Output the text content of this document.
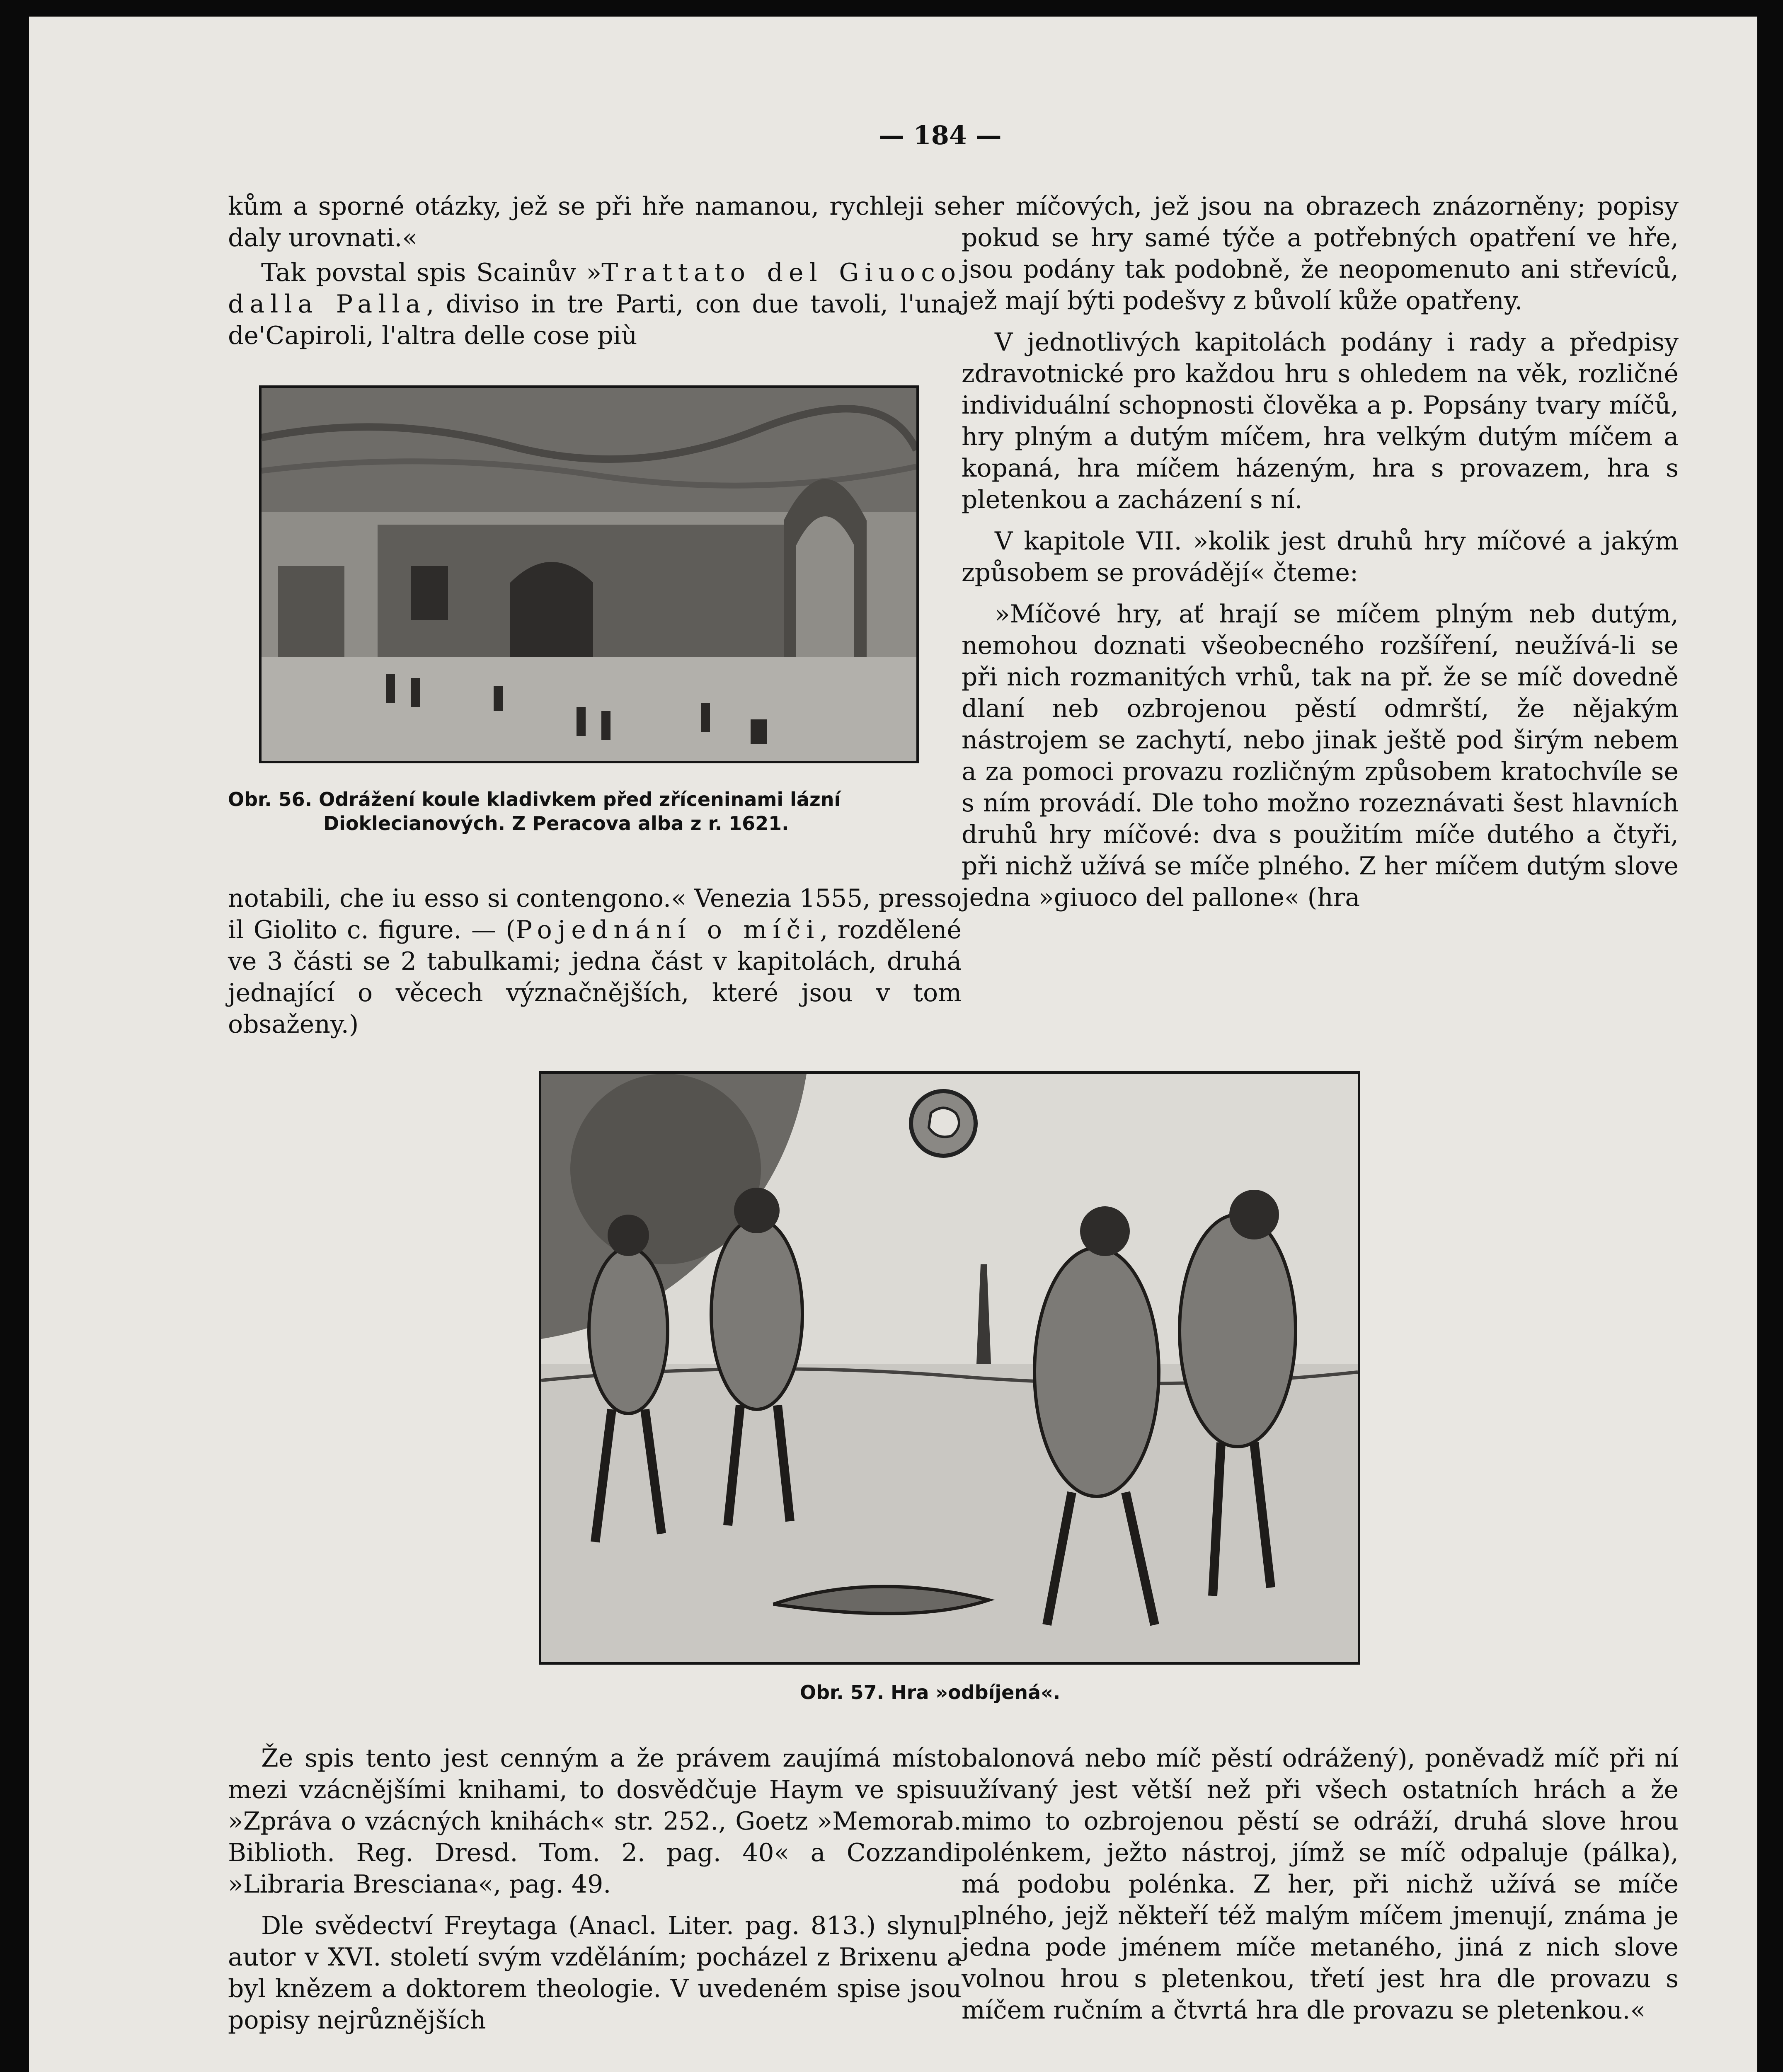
— 184 —

kům a sporné otázky, jež se při hře namanou, rychleji se daly urovnati.«

Tak povstal spis Scainův »Trattato del Giuoco dalla Palla, diviso in tre Parti, con due tavoli, l'una de'Capiroli, l'altra delle cose più

Obr. 56. Odrážení koule kladivkem před zříceninami lázní
Dioklecianových. Z Peracova alba z r. 1621.

notabili, che iu esso si contengono.« Venezia 1555, presso il Giolito c. figure. — (Pojednání o míči, rozdělené ve 3 části se 2 tabulkami; jedna část v kapitolách, druhá jednající o věcech význačnějších, které jsou v tom obsaženy.)

her míčových, jež jsou na obrazech znázorněny; popisy pokud se hry samé týče a potřebných opatření ve hře, jsou podány tak podobně, že neopomenuto ani střevíců, jež mají býti podešvy z bůvolí kůže opatřeny.

V jednotlivých kapitolách podány i rady a předpisy zdravotnické pro každou hru s ohledem na věk, rozličné individuální schopnosti člověka a p. Popsány tvary míčů, hry plným a dutým míčem, hra velkým dutým míčem a kopaná, hra míčem házeným, hra s provazem, hra s pletenkou a zacházení s ní.

V kapitole VII. »kolik jest druhů hry míčové a jakým způsobem se provádějí« čteme:

»Míčové hry, ať hrají se míčem plným neb dutým, nemohou doznati všeobecného rozšíření, neužívá-li se při nich rozmanitých vrhů, tak na př. že se míč dovedně dlaní neb ozbrojenou pěstí odmrští, že nějakým nástrojem se zachytí, nebo jinak ještě pod širým nebem a za pomoci provazu rozličným způsobem kratochvíle se s ním provádí. Dle toho možno rozeznávati šest hlavních druhů hry míčové: dva s použitím míče dutého a čtyři, při nichž užívá se míče plného. Z her míčem dutým slove jedna »giuoco del pallone« (hra

Obr. 57. Hra »odbíjená«.

Že spis tento jest cenným a že právem zaujímá místo mezi vzácnějšími knihami, to dosvědčuje Haym ve spisu »Zpráva o vzácných knihách« str. 252., Goetz »Memorab. Biblioth. Reg. Dresd. Tom. 2. pag. 40« a Cozzandi »Libraria Bresciana«, pag. 49.

Dle svědectví Freytaga (Anacl. Liter. pag. 813.) slynul autor v XVI. století svým vzděláním; pocházel z Brixenu a byl knězem a doktorem theologie. V uvedeném spise jsou popisy nejrůznějších

balonová nebo míč pěstí odrážený), poněvadž míč při ní užívaný jest větší než při všech ostatních hrách a že mimo to ozbrojenou pěstí se odráží, druhá slove hrou polénkem, ježto nástroj, jímž se míč odpaluje (pálka), má podobu polénka. Z her, při nichž užívá se míče plného, jejž někteří též malým míčem jmenují, známa je jedna pode jménem míče metaného, jiná z nich slove volnou hrou s pletenkou, třetí jest hra dle provazu s míčem ručním a čtvrtá hra dle provazu se pletenkou.«
